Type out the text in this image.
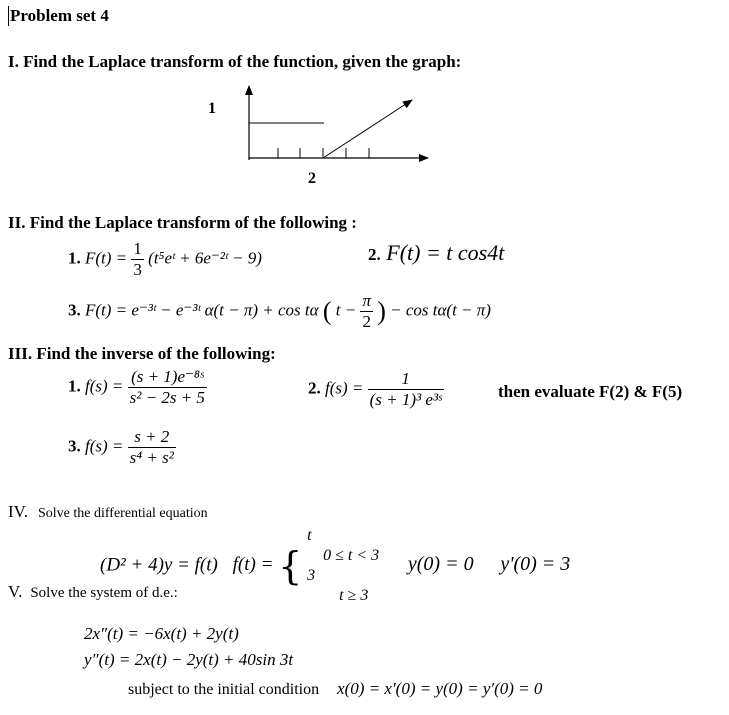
Problem set 4
I. Find the Laplace transform of the function, given the graph:
1
2
II. Find the Laplace transform of the following :
1. $F(t) = \frac{1}{3}$ (t⁵eᵗ + 6e⁻²ᵗ − 9)	2. F(t) = t cos4t
3. F(t) = e⁻³ᵗ − e⁻³ᵗ α(t − π) + cos tα ( $t - \frac{\pi}{2}$ ) − cos tα(t − π)
III. Find the inverse of the following:
1. $f(s) = \frac{\text{(s + 1)e⁻⁸ˢ}}{\text{s² − 2s + 5}}$	2. $f(s) = \frac{1}{\text{(s + 1)³ e³ˢ}}$	then evaluate F(2) & F(5)
3. $f(s) = \frac{s + 2}{\text{s⁴ + s²}}$
IV. Solve the differential equation
(D² + 4)y = f(t) f(t) = {
t
0 ≤ t < 3
3
t ≥ 3
y(0) = 0 y'(0) = 3
V. Solve the system of d.e.:
2x″(t) = −6x(t) + 2y(t)
y″(t) = 2x(t) − 2y(t) + 40sin 3t
subject to the initial condition x(0) = x′(0) = y(0) = y′(0) = 0
